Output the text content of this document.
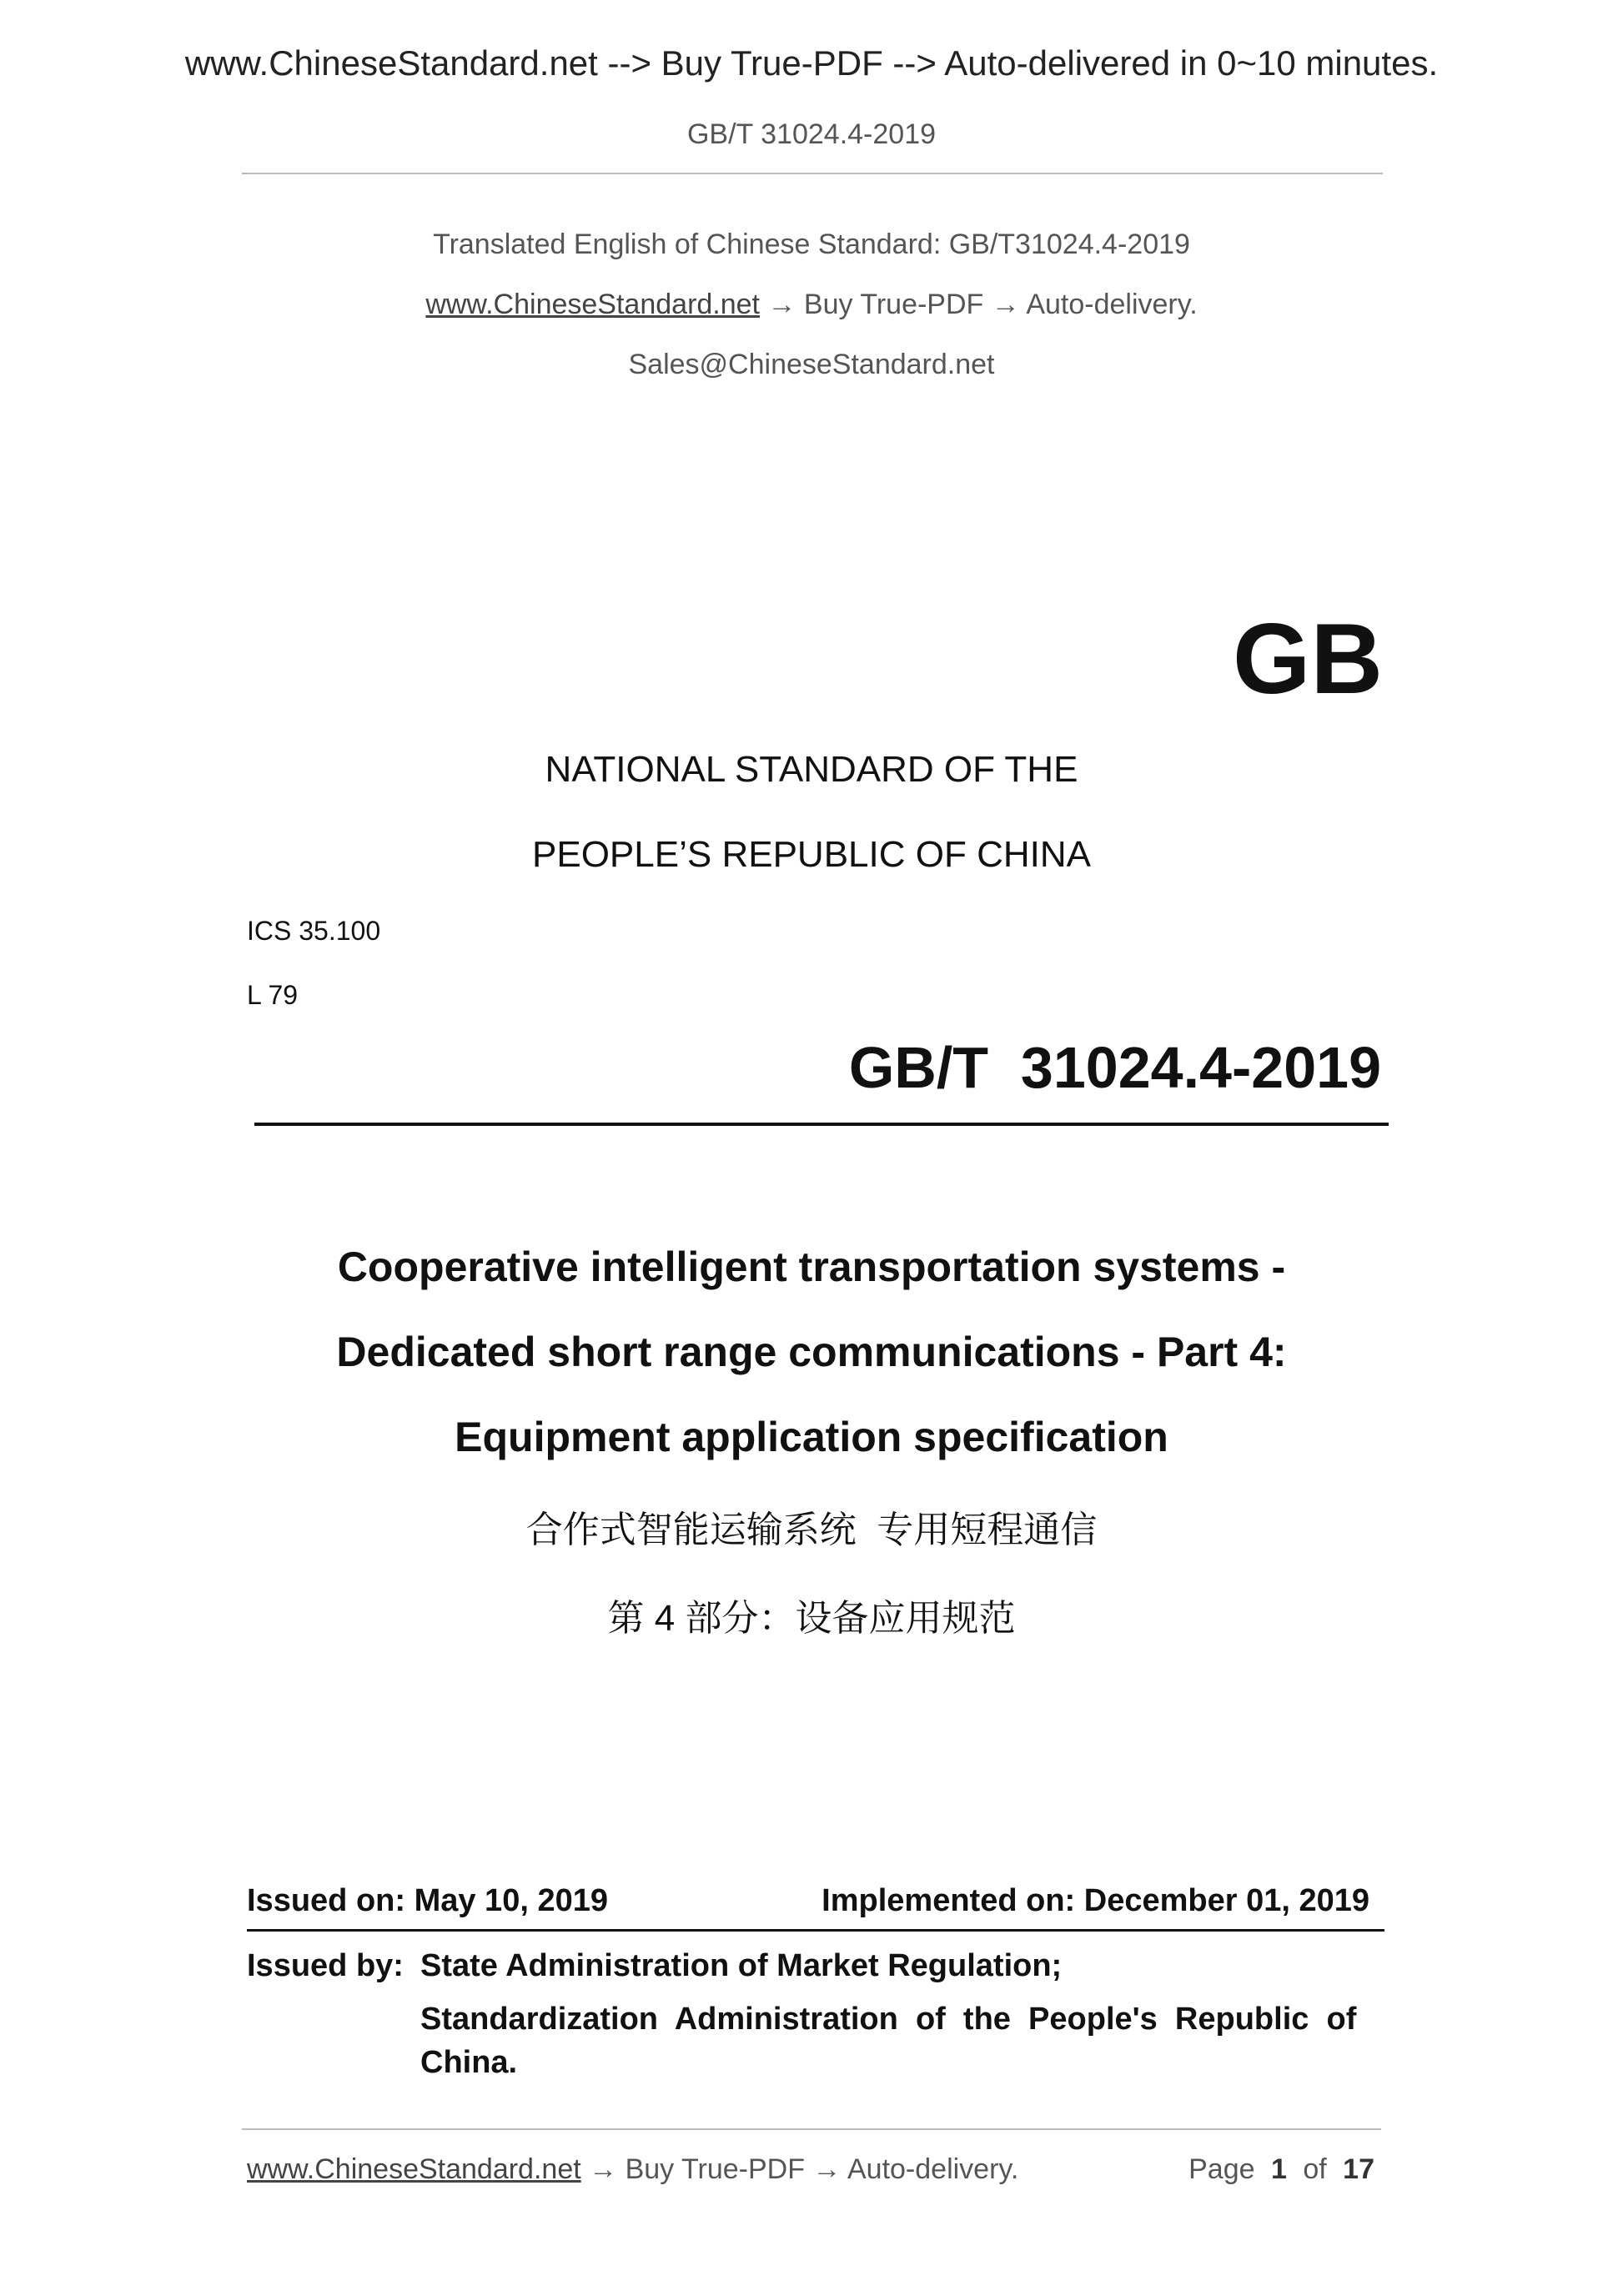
www.ChineseStandard.net --> Buy True-PDF --> Auto-delivered in 0~10 minutes.
GB/T 31024.4-2019
Translated English of Chinese Standard: GB/T31024.4-2019
www.ChineseStandard.net → Buy True-PDF → Auto-delivery.
Sales@ChineseStandard.net
GB
NATIONAL STANDARD OF THE
PEOPLE’S REPUBLIC OF CHINA
ICS 35.100
L 79
GB/T  31024.4-2019
Cooperative intelligent transportation systems -
Dedicated short range communications - Part 4:
Equipment application specification
合作式智能运输系统  专用短程通信
第 4 部分：设备应用规范
Issued on: May 10, 2019	Implemented on: December 01, 2019
Issued by: State Administration of Market Regulation;
Standardization  Administration  of  the  People's  Republic  of
China.
www.ChineseStandard.net → Buy True-PDF → Auto-delivery.	Page 1 of 17
